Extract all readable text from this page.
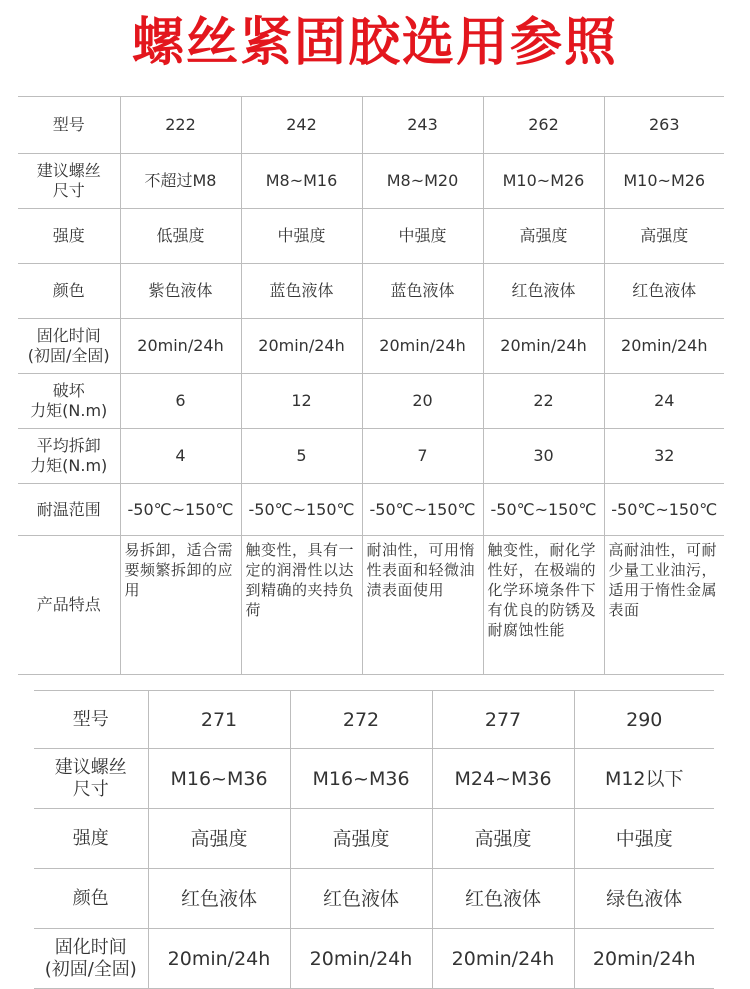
螺丝紧固胶选用参照
型号	222	242	243	262	263
建议螺丝
尺寸	不超过M8	M8~M16	M8~M20	M10~M26	M10~M26
强度	低强度	中强度	中强度	高强度	高强度
颜色	紫色液体	蓝色液体	蓝色液体	红色液体	红色液体
固化时间
(初固/全固)	20min/24h	20min/24h	20min/24h	20min/24h	20min/24h
破坏
力矩(N.m)	6	12	20	22	24
平均拆卸
力矩(N.m)	4	5	7	30	32
耐温范围	-50℃~150℃	-50℃~150℃	-50℃~150℃	-50℃~150℃	-50℃~150℃
产品特点	易拆卸，适合需要频繁拆卸的应用	触变性，具有一定的润滑性以达到精确的夹持负荷	耐油性，可用惰性表面和轻微油渍表面使用	触变性，耐化学性好，在极端的化学环境条件下有优良的防锈及耐腐蚀性能	高耐油性，可耐少量工业油污，适用于惰性金属表面
型号	271	272	277	290
建议螺丝
尺寸	M16~M36	M16~M36	M24~M36	M12以下
强度	高强度	高强度	高强度	中强度
颜色	红色液体	红色液体	红色液体	绿色液体
固化时间
(初固/全固)	20min/24h	20min/24h	20min/24h	20min/24h
